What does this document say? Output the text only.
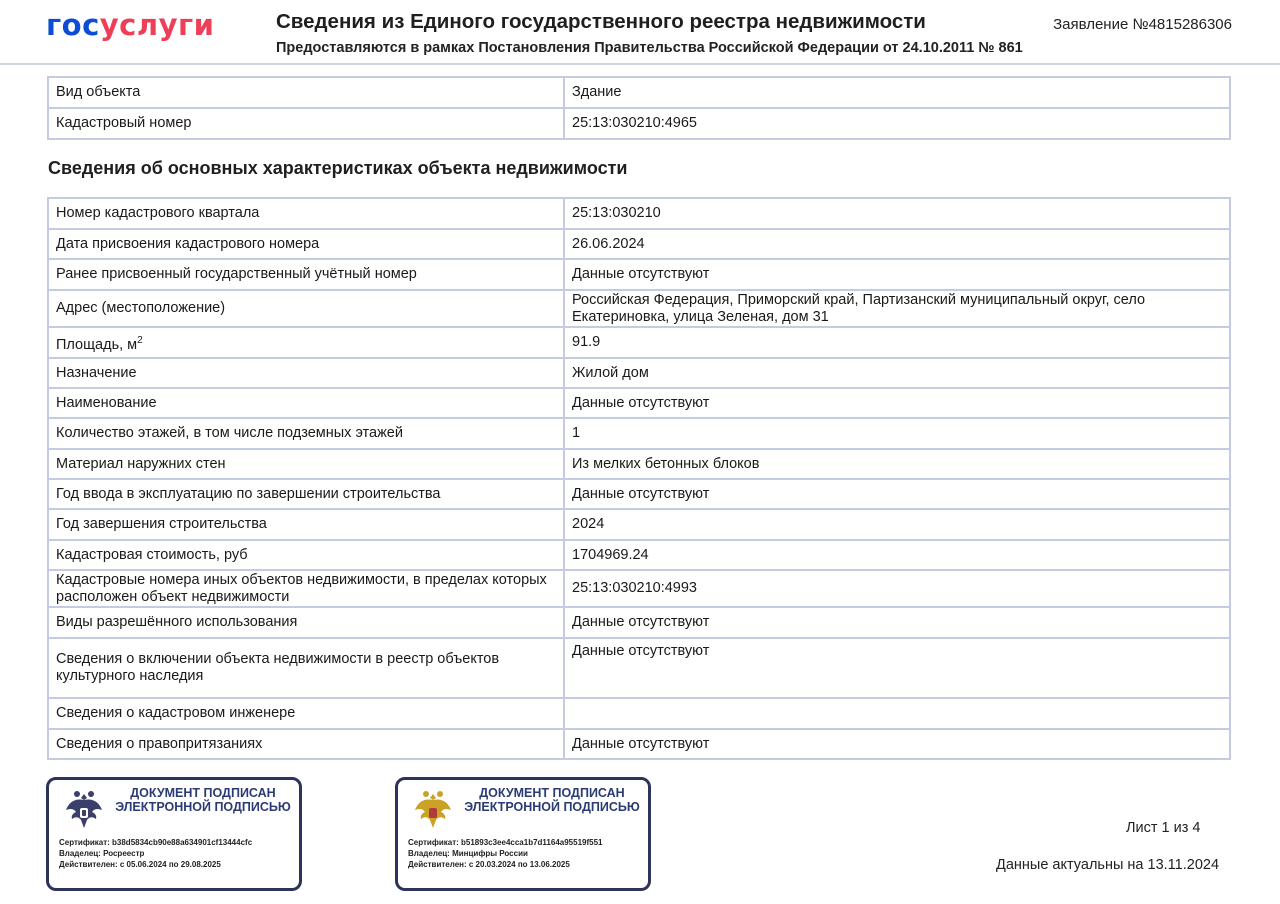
госуслуги	Сведения из Единого государственного реестра недвижимости
Предоставляются в рамках Постановления Правительства Российской Федерации от 24.10.2011 № 861
Заявление №4815286306
Вид объекта	Здание
Кадастровый номер	25:13:030210:4965
Сведения об основных характеристиках объекта недвижимости
Номер кадастрового квартала	25:13:030210
Дата присвоения кадастрового номера	26.06.2024
Ранее присвоенный государственный учётный номер	Данные отсутствуют
Адрес (местоположение)	Российская Федерация, Приморский край, Партизанский муниципальный округ, село Екатериновка, улица Зеленая, дом 31
Площадь, $м^2$	91.9
Назначение	Жилой дом
Наименование	Данные отсутствуют
Количество этажей, в том числе подземных этажей	1
Материал наружних стен	Из мелких бетонных блоков
Год ввода в эксплуатацию по завершении строительства	Данные отсутствуют
Год завершения строительства	2024
Кадастровая стоимость, руб	1704969.24
Кадастровые номера иных объектов недвижимости, в пределах которых расположен объект недвижимости	25:13:030210:4993
Виды разрешённого использования	Данные отсутствуют
Сведения о включении объекта недвижимости в реестр объектов культурного наследия	Данные отсутствуют
Сведения о кадастровом инженере	
Сведения о правопритязаниях	Данные отсутствуют
ДОКУМЕНТ ПОДПИСАН ЭЛЕКТРОННОЙ ПОДПИСЬЮ
Сертификат: b38d5834cb90e88a634901cf13444cfc
Владелец: Росреестр
Действителен: с 05.06.2024 по 29.08.2025
ДОКУМЕНТ ПОДПИСАН ЭЛЕКТРОННОЙ ПОДПИСЬЮ
Сертификат: b51893c3ee4cca1b7d1164a95519f551
Владелец: Минцифры России
Действителен: с 20.03.2024 по 13.06.2025
Лист 1 из 4
Данные актуальны на 13.11.2024
